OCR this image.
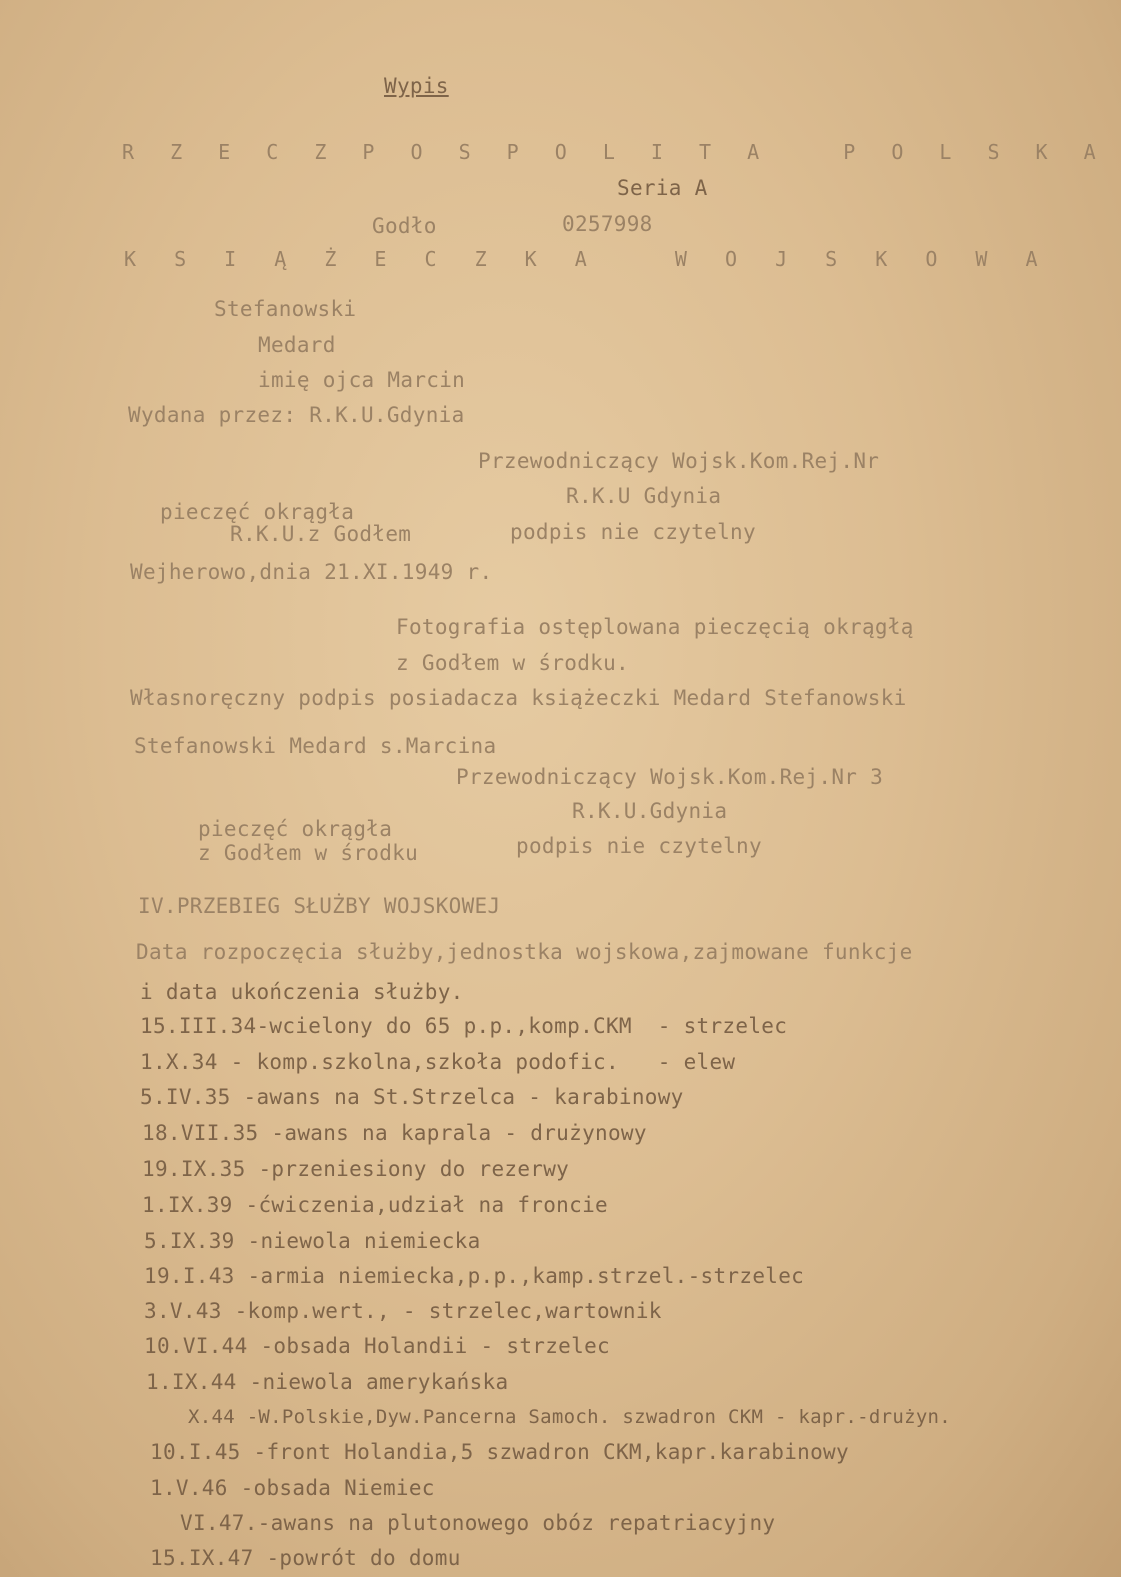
Wypis
R Z E C Z P O S P O L I T A   P O L S K A
Seria A
Godło	0257998
K S I Ą Ż E C Z K A   W O J S K O W A
Stefanowski
Medard
imię ojca Marcin
Wydana przez: R.K.U.Gdynia
Przewodniczący Wojsk.Kom.Rej.Nr
R.K.U Gdynia
pieczęć okrągła
R.K.U.z Godłem	podpis nie czytelny
Wejherowo,dnia 21.XI.1949 r.
Fotografia ostęplowana pieczęcią okrągłą
z Godłem w środku.
Własnoręczny podpis posiadacza książeczki Medard Stefanowski
Stefanowski Medard s.Marcina
Przewodniczący Wojsk.Kom.Rej.Nr 3
R.K.U.Gdynia
pieczęć okrągła
z Godłem w środku	podpis nie czytelny
IV.PRZEBIEG SŁUŻBY WOJSKOWEJ
Data rozpoczęcia służby,jednostka wojskowa,zajmowane funkcje
i data ukończenia służby.
15.III.34-wcielony do 65 p.p.,komp.CKM  - strzelec
1.X.34 - komp.szkolna,szkoła podofic.   - elew
5.IV.35 -awans na St.Strzelca - karabinowy
18.VII.35 -awans na kaprala - drużynowy
19.IX.35 -przeniesiony do rezerwy
1.IX.39 -ćwiczenia,udział na froncie
5.IX.39 -niewola niemiecka
19.I.43 -armia niemiecka,p.p.,kamp.strzel.-strzelec
3.V.43 -komp.wert., - strzelec,wartownik
10.VI.44 -obsada Holandii - strzelec
1.IX.44 -niewola amerykańska
X.44 -W.Polskie,Dyw.Pancerna Samoch. szwadron CKM - kapr.-drużyn.
10.I.45 -front Holandia,5 szwadron CKM,kapr.karabinowy
1.V.46 -obsada Niemiec
VI.47.-awans na plutonowego obóz repatriacyjny
15.IX.47 -powrót do domu
